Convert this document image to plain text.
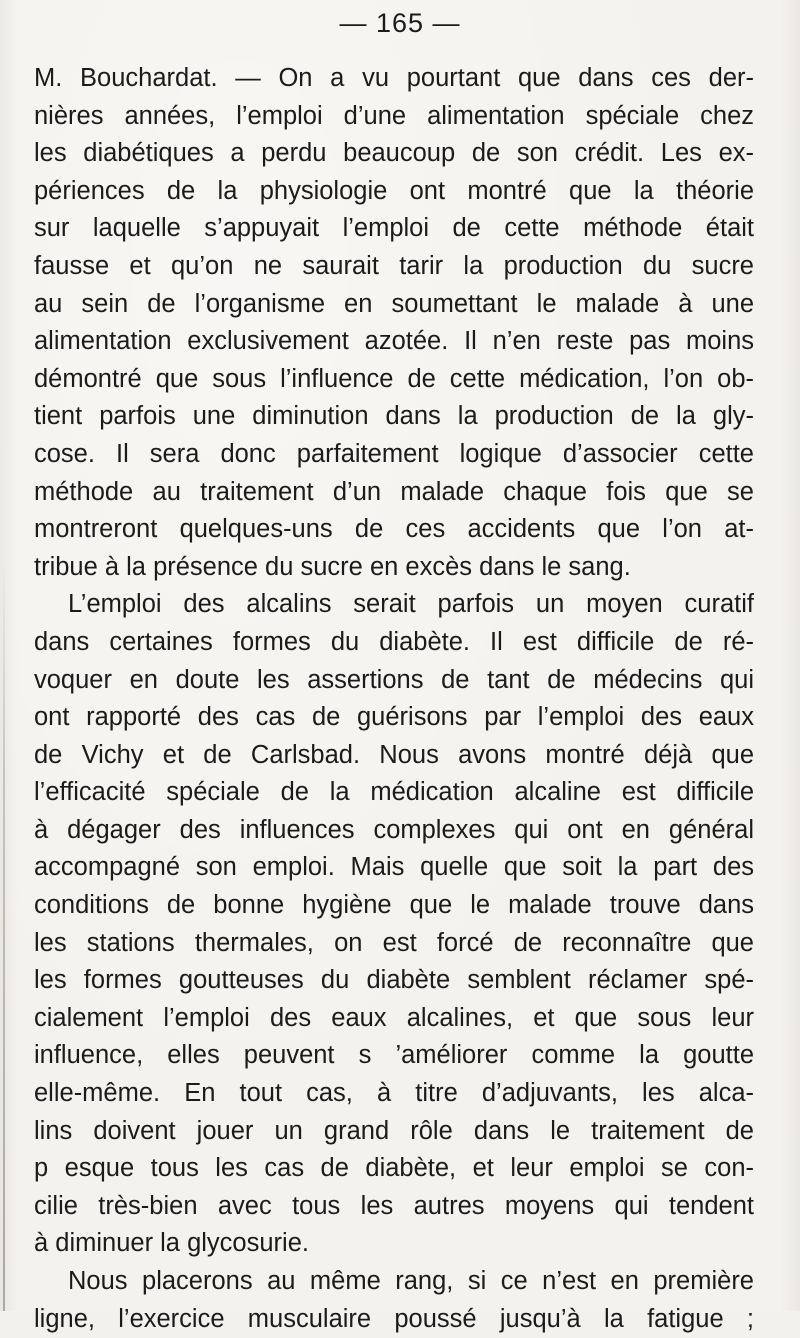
— 165 —
M. Bouchardat. — On a vu pourtant que dans ces der-
nières années, l’emploi d’une alimentation spéciale chez
les diabétiques a perdu beaucoup de son crédit. Les ex-
périences de la physiologie ont montré que la théorie
sur laquelle s’appuyait l’emploi de cette méthode était
fausse et qu’on ne saurait tarir la production du sucre
au sein de l’organisme en soumettant le malade à une
alimentation exclusivement azotée. Il n’en reste pas moins
démontré que sous l’influence de cette médication, l’on ob-
tient parfois une diminution dans la production de la gly-
cose. Il sera donc parfaitement logique d’associer cette
méthode au traitement d’un malade chaque fois que se
montreront quelques-uns de ces accidents que l’on at-
tribue à la présence du sucre en excès dans le sang.
L’emploi des alcalins serait parfois un moyen curatif
dans certaines formes du diabète. Il est difficile de ré-
voquer en doute les assertions de tant de médecins qui
ont rapporté des cas de guérisons par l’emploi des eaux
de Vichy et de Carlsbad. Nous avons montré déjà que
l’efficacité spéciale de la médication alcaline est difficile
à dégager des influences complexes qui ont en général
accompagné son emploi. Mais quelle que soit la part des
conditions de bonne hygiène que le malade trouve dans
les stations thermales, on est forcé de reconnaître que
les formes goutteuses du diabète semblent réclamer spé-
cialement l’emploi des eaux alcalines, et que sous leur
influence, elles peuvent s ’améliorer comme la goutte
elle-même. En tout cas, à titre d’adjuvants, les alca-
lins doivent jouer un grand rôle dans le traitement de
p esque tous les cas de diabète, et leur emploi se con-
cilie très-bien avec tous les autres moyens qui tendent
à diminuer la glycosurie.
Nous placerons au même rang, si ce n’est en première
ligne, l’exercice musculaire poussé jusqu’à la fatigue ;
